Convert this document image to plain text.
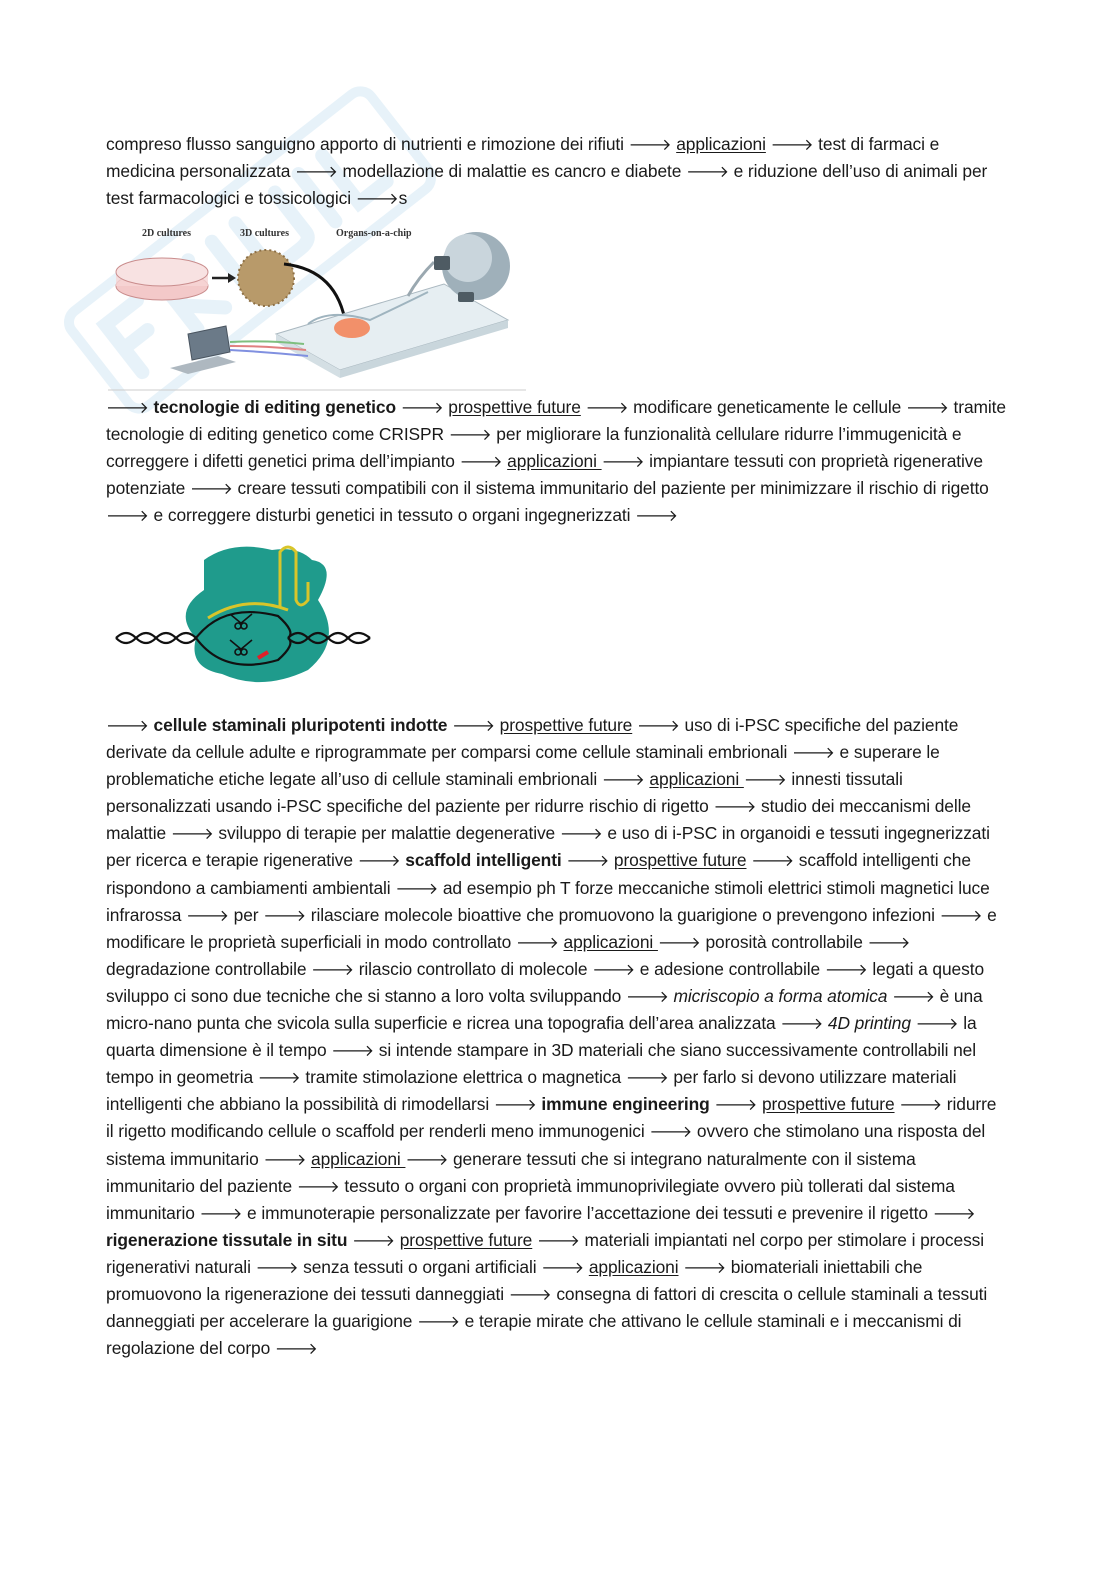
compreso flusso sanguigno apporto di nutrienti e rimozione dei rifiuti 🡒 applicazioni 🡒 test di farmaci e medicina personalizzata 🡒 modellazione di malattie es cancro e diabete 🡒 e riduzione dell’uso di animali per test farmacologici e tossicologici 🡒s

2D cultures	3D cultures	Organs-on-a-chip

🡒 tecnologie di editing genetico 🡒 prospettive future 🡒 modificare geneticamente le cellule 🡒 tramite tecnologie di editing genetico come CRISPR 🡒 per migliorare la funzionalità cellulare ridurre l’immugenicità e correggere i difetti genetici prima dell’impianto 🡒 applicazioni 🡒 impiantare tessuti con proprietà rigenerative potenziate 🡒 creare tessuti compatibili con il sistema immunitario del paziente per minimizzare il rischio di rigetto 🡒 e correggere disturbi genetici in tessuto o organi ingegnerizzati 🡒

🡒 cellule staminali pluripotenti indotte 🡒 prospettive future 🡒 uso di i-PSC specifiche del paziente derivate da cellule adulte e riprogrammate per comparsi come cellule staminali embrionali 🡒 e superare le problematiche etiche legate all’uso di cellule staminali embrionali 🡒 applicazioni 🡒 innesti tissutali personalizzati usando i-PSC specifiche del paziente per ridurre rischio di rigetto 🡒 studio dei meccanismi delle malattie 🡒 sviluppo di terapie per malattie degenerative 🡒 e uso di i-PSC in organoidi e tessuti ingegnerizzati per ricerca e terapie rigenerative 🡒 scaffold intelligenti 🡒 prospettive future 🡒 scaffold intelligenti che rispondono a cambiamenti ambientali 🡒 ad esempio ph T forze meccaniche stimoli elettrici stimoli magnetici luce infrarossa 🡒 per 🡒 rilasciare molecole bioattive che promuovono la guarigione o prevengono infezioni 🡒 e modificare le proprietà superficiali in modo controllato 🡒 applicazioni 🡒 porosità controllabile 🡒 degradazione controllabile 🡒 rilascio controllato di molecole 🡒 e adesione controllabile 🡒 legati a questo sviluppo ci sono due tecniche che si stanno a loro volta sviluppando 🡒 micriscopio a forma atomica 🡒 è una micro-nano punta che svicola sulla superficie e ricrea una topografia dell’area analizzata 🡒 4D printing 🡒 la quarta dimensione è il tempo 🡒 si intende stampare in 3D materiali che siano successivamente controllabili nel tempo in geometria 🡒 tramite stimolazione elettrica o magnetica 🡒 per farlo si devono utilizzare materiali intelligenti che abbiano la possibilità di rimodellarsi 🡒 immune engineering 🡒 prospettive future 🡒 ridurre il rigetto modificando cellule o scaffold per renderli meno immunogenici 🡒 ovvero che stimolano una risposta del sistema immunitario 🡒 applicazioni 🡒 generare tessuti che si integrano naturalmente con il sistema immunitario del paziente 🡒 tessuto o organi con proprietà immunoprivilegiate ovvero più tollerati dal sistema immunitario 🡒 e immunoterapie personalizzate per favorire l’accettazione dei tessuti e prevenire il rigetto 🡒 rigenerazione tissutale in situ 🡒 prospettive future 🡒 materiali impiantati nel corpo per stimolare i processi rigenerativi naturali 🡒 senza tessuti o organi artificiali 🡒 applicazioni 🡒 biomateriali iniettabili che promuovono la rigenerazione dei tessuti danneggiati 🡒 consegna di fattori di crescita o cellule staminali a tessuti danneggiati per accelerare la guarigione 🡒 e terapie mirate che attivano le cellule staminali e i meccanismi di regolazione del corpo 🡒
